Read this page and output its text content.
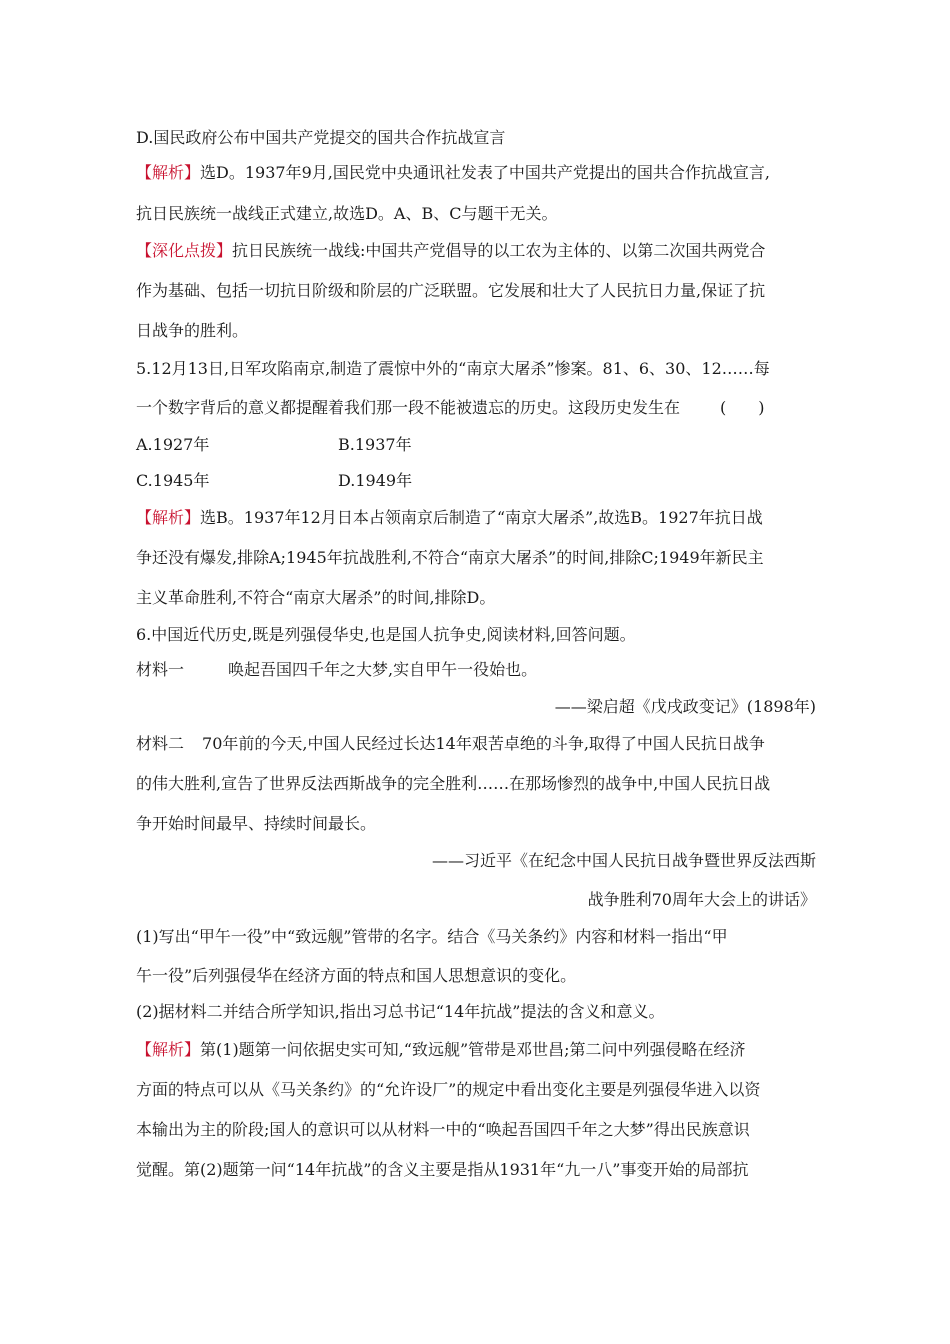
D.国民政府公布中国共产党提交的国共合作抗战宣言
【解析】选D。1937年9月,国民党中央通讯社发表了中国共产党提出的国共合作抗战宣言,
抗日民族统一战线正式建立,故选D。A、B、C与题干无关。
【深化点拨】抗日民族统一战线:中国共产党倡导的以工农为主体的、以第二次国共两党合
作为基础、包括一切抗日阶级和阶层的广泛联盟。它发展和壮大了人民抗日力量,保证了抗
日战争的胜利。
5.12月13日,日军攻陷南京,制造了震惊中外的“南京大屠杀”惨案。81、6、30、12……每
一个数字背后的意义都提醒着我们那一段不能被遗忘的历史。这段历史发生在	(　　)
A.1927年	B.1937年
C.1945年	D.1949年
【解析】选B。1937年12月日本占领南京后制造了“南京大屠杀”,故选B。1927年抗日战
争还没有爆发,排除A;1945年抗战胜利,不符合“南京大屠杀”的时间,排除C;1949年新民主
主义革命胜利,不符合“南京大屠杀”的时间,排除D。
6.中国近代历史,既是列强侵华史,也是国人抗争史,阅读材料,回答问题。
材料一	唤起吾国四千年之大梦,实自甲午一役始也。
——梁启超《戊戌政变记》(1898年)
材料二 70年前的今天,中国人民经过长达14年艰苦卓绝的斗争,取得了中国人民抗日战争
的伟大胜利,宣告了世界反法西斯战争的完全胜利……在那场惨烈的战争中,中国人民抗日战
争开始时间最早、持续时间最长。
——习近平《在纪念中国人民抗日战争暨世界反法西斯
战争胜利70周年大会上的讲话》
(1)写出“甲午一役”中“致远舰”管带的名字。结合《马关条约》内容和材料一指出“甲
午一役”后列强侵华在经济方面的特点和国人思想意识的变化。
(2)据材料二并结合所学知识,指出习总书记“14年抗战”提法的含义和意义。
【解析】第(1)题第一问依据史实可知,“致远舰”管带是邓世昌;第二问中列强侵略在经济
方面的特点可以从《马关条约》的“允许设厂”的规定中看出变化主要是列强侵华进入以资
本输出为主的阶段;国人的意识可以从材料一中的“唤起吾国四千年之大梦”得出民族意识
觉醒。第(2)题第一问“14年抗战”的含义主要是指从1931年“九一八”事变开始的局部抗
